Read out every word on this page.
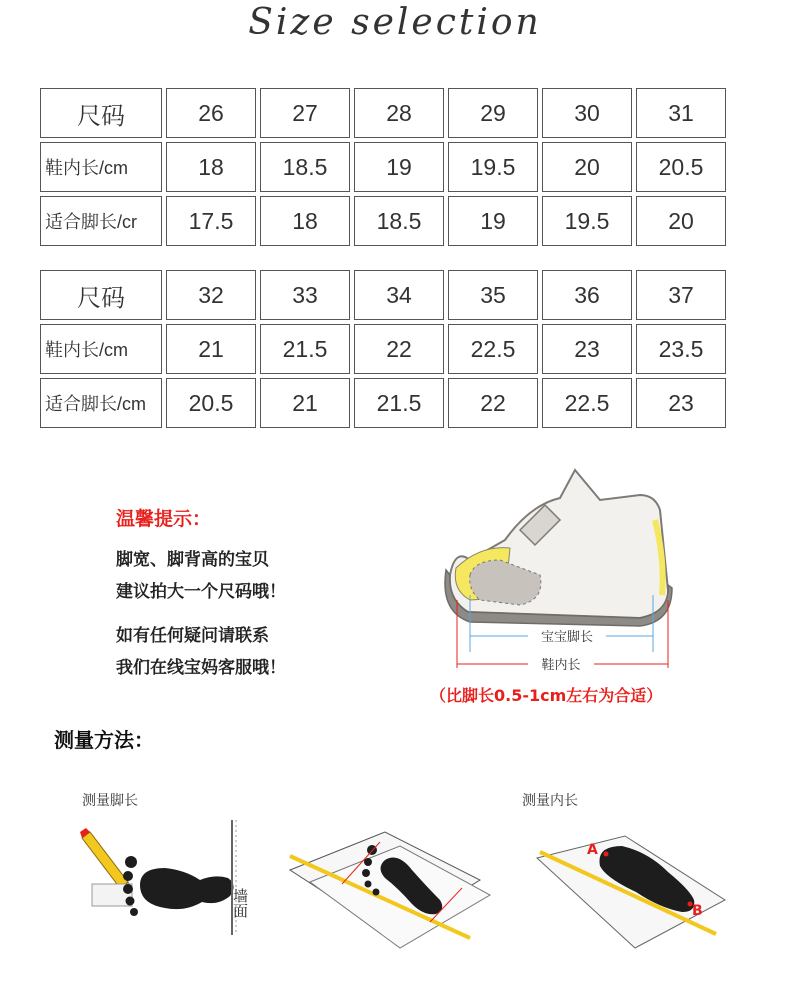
Size selection
尺码	26	27	28	29	30	31
鞋内长/cm	18	18.5	19	19.5	20	20.5
适合脚长/cr	17.5	18	18.5	19	19.5	20
尺码	32	33	34	35	36	37
鞋内长/cm	21	21.5	22	22.5	23	23.5
适合脚长/cm	20.5	21	21.5	22	22.5	23
温馨提示：
脚宽、脚背高的宝贝
建议拍大一个尺码哦！
如有任何疑问请联系
我们在线宝妈客服哦！
宝宝脚长
鞋内长
墙面
A
B
（比脚长0.5-1cm左右为合适）
测量方法：
测量脚长	测量内长
